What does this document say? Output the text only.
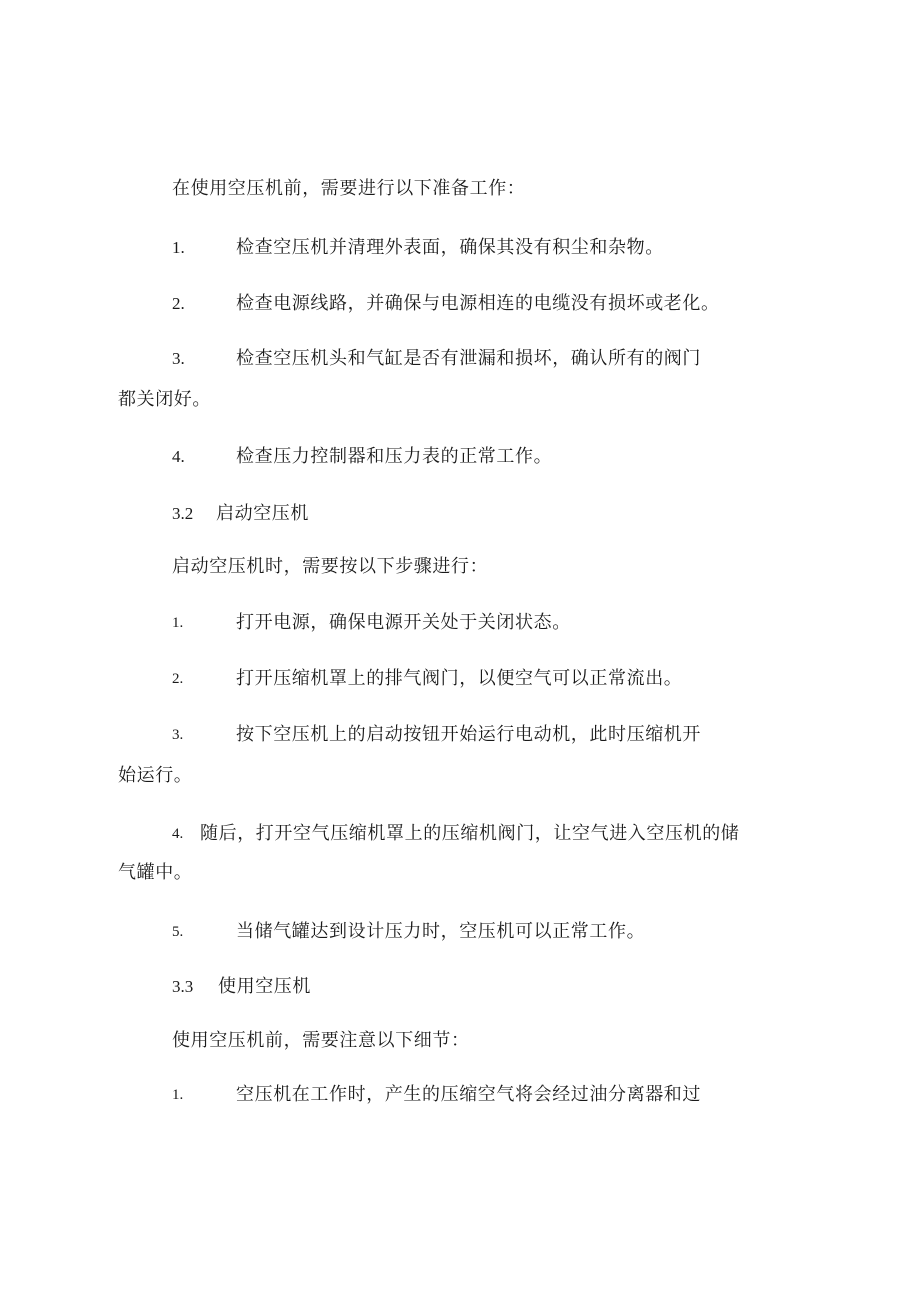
在使用空压机前，需要进行以下准备工作：
1.	检查空压机并清理外表面，确保其没有积尘和杂物。
2.	检查电源线路，并确保与电源相连的电缆没有损坏或老化。
3.	检查空压机头和气缸是否有泄漏和损坏，确认所有的阀门
都关闭好。
4.	检查压力控制器和压力表的正常工作。
3.2 启动空压机
启动空压机时，需要按以下步骤进行：
1.	打开电源，确保电源开关处于关闭状态。
2.	打开压缩机罩上的排气阀门，以便空气可以正常流出。
3.	按下空压机上的启动按钮开始运行电动机，此时压缩机开
始运行。
4. 随后，打开空气压缩机罩上的压缩机阀门，让空气进入空压机的储
气罐中。
5.	当储气罐达到设计压力时，空压机可以正常工作。
3.3 使用空压机
使用空压机前，需要注意以下细节：
1.	空压机在工作时，产生的压缩空气将会经过油分离器和过
